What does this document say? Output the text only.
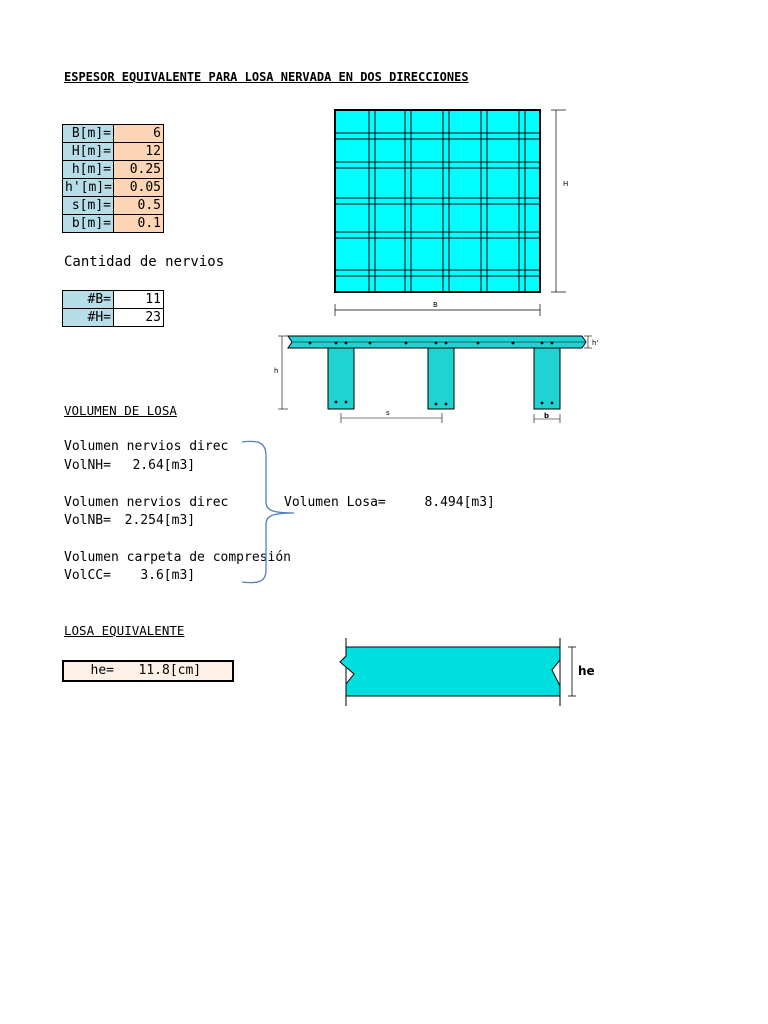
ESPESOR EQUIVALENTE PARA LOSA NERVADA EN DOS DIRECCIONES
B[m]=	6
H[m]=	12
h[m]=	0.25
h'[m]=	0.05
s[m]=	0.5
b[m]=	0.1
Cantidad de nervios
#B=	11
#H=	23
VOLUMEN DE LOSA
Volumen nervios direc
VolNH= 2.64[m3]
Volumen nervios direc
VolNB= 2.254[m3]
Volumen carpeta de compresión
VolCC= 3.6[m3]
Volumen Losa=	8.494[m3]
LOSA EQUIVALENTE
he= 11.8[cm]
H
B
h
h'
s	b
he
